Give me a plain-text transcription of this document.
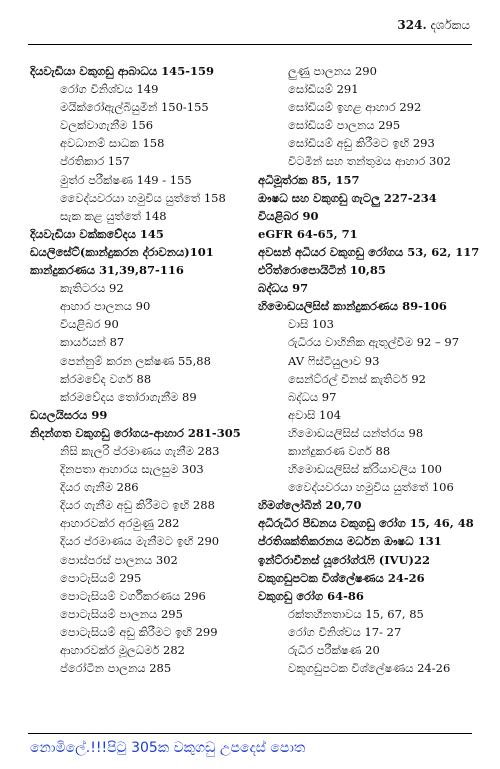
324. දර්ශකය

දියවැඩියා වකුගඩු ආබාධය 145-159

රෝග විනිශ්චය 149

මයික්රෝඇල්බියුමින් 150-155

වලක්වාගැනීම 156

අවධානම් සාධක 158

ප්රතිකාර 157

මුත්ර පරීක්ෂණ 149 - 155

වෛද්යවරයා හමුවිය යුත්තේ 158

සැක කළ යුත්තේ 148

දියවැඩියා වක්කවේදය 145

ඩයලිසේට්(කාන්දුකරන ද්රාවනය)101

කාන්දුකරණය 31,39,87-116

කැතිටරය 92

ආහාර පාලනය 90

වියළිබර 90

කාර්යයන් 87

පෙන්නුම් කරන ලක්ෂණ 55,88

ක්රමවේද වර්ග 88

ක්රමවේදය තෝරාගැනීම 89

ඩයලයිසරය 99

නිදන්ගත වකුගඩු රෝගය-ආහාර 281-305

නිසි කැලරි ප්රමාණය ගැනීම 283

දිනපතා ආහාරය සැලසුම 303

දියර ගැනීම 286

දියර ගැනීම අඩු කිරීමට ඉඟි 288

ආහාරවක්ර අරමුණු 282

දියර ප්රමාණය මැනීමට ඉඟි 290

පොස්පරස් පාලනය 302

පොටැසියම් 295

පොටැසියම් වර්ගීකරණය 296

පොටැසියම් පාලනය 295

පොටැසියම් අඩු කිරීමට ඉඟි 299

ආහාරවක්ර මූලධර්ම 282

ප්රෝටීන පාලනය 285

ලුණු පාලනය 290

සෝඩියම් 291

සෝඩියම් ඉහළ ආහාර 292

සෝඩියම් පාලනය 295

සෝඩියම් අඩු කිරීමට ඉඟි 293

විටමින් සහ තන්තුමය ආහාර 302

අධිමූත්රක 85, 157

ඖෂධ සහ වකුගඩු ගැටලු 227-234

වියළිබර 90

eGFR 64-65, 71

අවසන් අධියර වකුගඩු රෝගය 53, 62, 117

එරිත්රොපොයිටින් 10,85

බද්ධය 97

හිමොඩයලිසිස් කාන්දුකරණය 89-106

වාසි 103

රුධිරය වාහිනික ඇතුල්වීම 92 – 97

AV ෆිස්ටියුලාව 93

සෙන්ට්රල් වීනස් කැතිටර් 92

බද්ධය 97

අවාසි 104

හිමොඩයලිසිස් යන්ත්රය 98

කාන්දුකරණ වර්ග 88

හිමොඩයලිසිස් ක්රියාවලිය 100

වෛද්යවරයා හමුවිය යුත්තේ 106

හිමග්ලෝබින් 20,70

අධිරුධිර පීඩනය වකුගඩු රෝග 15, 46, 48

ප්රතිශක්තිකරනය මර්ධන ඖෂධ 131

ඉන්ට්රාවීනස් යූරෝග්රැෆි (IVU)22

වකුගඩුපටක විශ්ලේෂණය 24-26

වකුගඩු රෝග 64-86

රක්තහීනතාවය 15, 67, 85

රෝග විනිශ්චය 17- 27

රුධිර පරීක්ෂණ 20

වකුගඩුපටක විශ්ලේෂණය 24-26

නොමිලේ.!!!පිටු 305ක වකුගඩු උපදෙස් පොත
